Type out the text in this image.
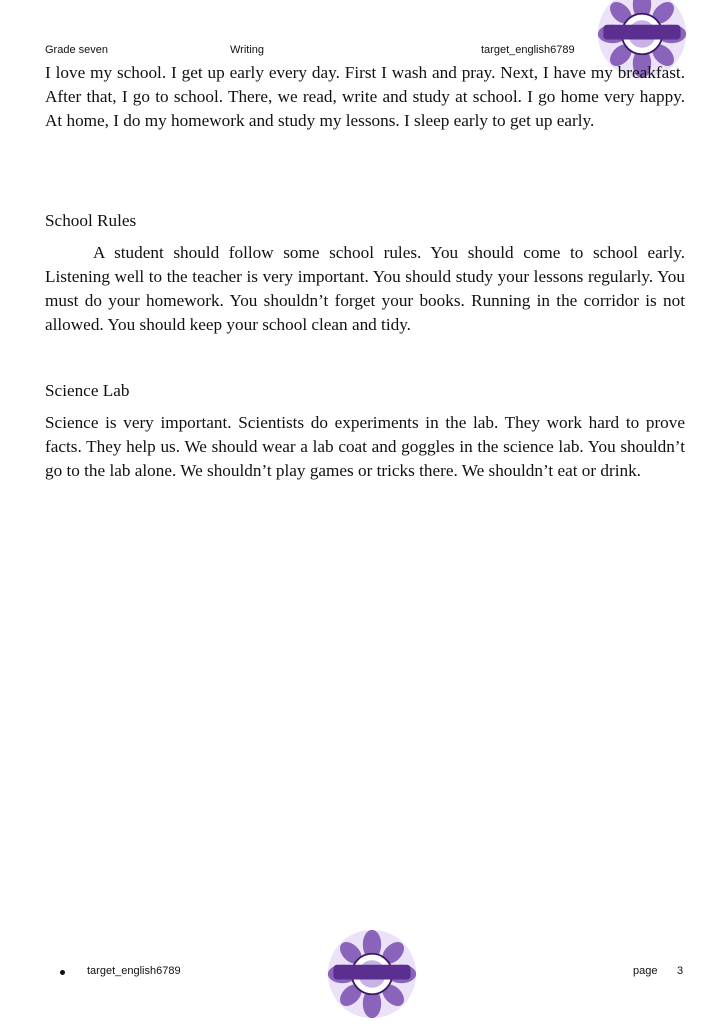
Grade seven	Writing	target_english6789

I love my school. I get up early every day. First I wash and pray. Next, I have my breakfast. After that, I go to school. There, we read, write and study at school. I go home very happy. At home, I do my homework and study my lessons. I sleep early to get up early.

School Rules

A student should follow some school rules. You should come to school early. Listening well to the teacher is very important. You should study your lessons regularly. You must do your homework. You shouldn’t forget your books. Running in the corridor is not allowed. You should keep your school clean and tidy.

Science Lab

Science is very important. Scientists do experiments in the lab. They work hard to prove facts. They help us. We should wear a lab coat and goggles in the science lab. You shouldn’t go to the lab alone. We shouldn’t play games or tricks there. We shouldn’t eat or drink.

target_english6789	page 3
